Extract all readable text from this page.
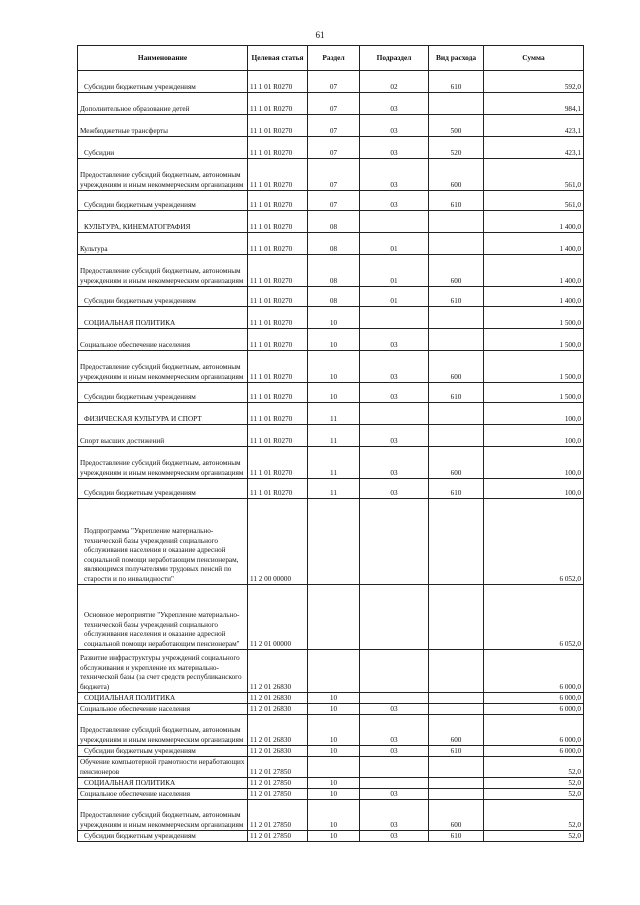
61
Наименование	Целевая статья	Раздел	Подраздел	Вид расхода	Сумма

Субсидии бюджетным учреждениям	11 1 01 R0270	07	02	610	592,0

Дополнительное образование детей	11 1 01 R0270	07	03		984,1

Межбюджетные трансферты	11 1 01 R0270	07	03	500	423,1

Субсидии	11 1 01 R0270	07	03	520	423,1

Предоставление субсидий бюджетным, автономным учреждениям и иным некоммерческим организациям	11 1 01 R0270	07	03	600	561,0

Субсидии бюджетным учреждениям	11 1 01 R0270	07	03	610	561,0

КУЛЬТУРА, КИНЕМАТОГРАФИЯ	11 1 01 R0270	08			1 400,0

Культура	11 1 01 R0270	08	01		1 400,0

Предоставление субсидий бюджетным, автономным учреждениям и иным некоммерческим организациям	11 1 01 R0270	08	01	600	1 400,0

Субсидии бюджетным учреждениям	11 1 01 R0270	08	01	610	1 400,0

СОЦИАЛЬНАЯ ПОЛИТИКА	11 1 01 R0270	10			1 500,0

Социальное обеспечение населения	11 1 01 R0270	10	03		1 500,0

Предоставление субсидий бюджетным, автономным учреждениям и иным некоммерческим организациям	11 1 01 R0270	10	03	600	1 500,0

Субсидии бюджетным учреждениям	11 1 01 R0270	10	03	610	1 500,0

ФИЗИЧЕСКАЯ КУЛЬТУРА И СПОРТ	11 1 01 R0270	11			100,0

Спорт высших достижений	11 1 01 R0270	11	03		100,0

Предоставление субсидий бюджетным, автономным учреждениям и иным некоммерческим организациям	11 1 01 R0270	11	03	600	100,0

Субсидии бюджетным учреждениям	11 1 01 R0270	11	03	610	100,0

Подпрограмма "Укрепление материально-технической базы учреждений социального обслуживания населения и оказание адресной социальной помощи неработающим пенсионерам, являющимся получателями трудовых пенсий по старости и по инвалидности"	11 2 00 00000				6 052,0

Основное мероприятие "Укрепление материально-технической базы учреждений социального обслуживания населения и оказание адресной социальной помощи неработающим пенсионерам"	11 2 01 00000				6 052,0

Развитие инфраструктуры учреждений социального обслуживания и укрепление их материально-технической базы (за счет средств республиканского бюджета)	11 2 01 26830				6 000,0

СОЦИАЛЬНАЯ ПОЛИТИКА	11 2 01 26830	10			6 000,0

Социальное обеспечение населения	11 2 01 26830	10	03		6 000,0

Предоставление субсидий бюджетным, автономным учреждениям и иным некоммерческим организациям	11 2 01 26830	10	03	600	6 000,0

Субсидии бюджетным учреждениям	11 2 01 26830	10	03	610	6 000,0

Обучение компьютерной грамотности неработающих пенсионеров	11 2 01 27850				52,0

СОЦИАЛЬНАЯ ПОЛИТИКА	11 2 01 27850	10			52,0

Социальное обеспечение населения	11 2 01 27850	10	03		52,0

Предоставление субсидий бюджетным, автономным учреждениям и иным некоммерческим организациям	11 2 01 27850	10	03	600	52,0

Субсидии бюджетным учреждениям	11 2 01 27850	10	03	610	52,0
